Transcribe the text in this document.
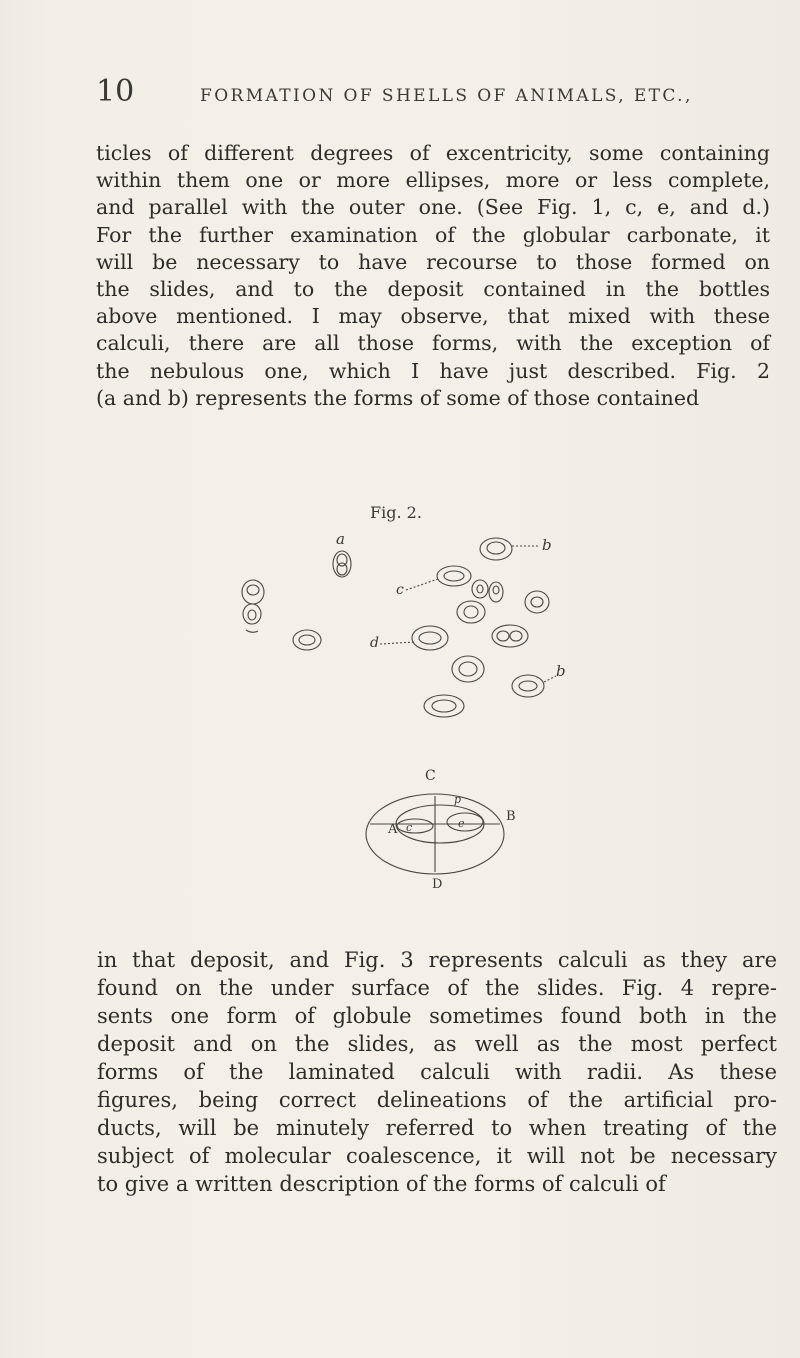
10	FORMATION OF SHELLS OF ANIMALS, ETC.,

ticles of different degrees of excentricity, some containing
within them one or more ellipses, more or less complete,
and parallel with the outer one. (See Fig. 1, c, e, and d.)
For the further examination of the globular carbonate, it
will be necessary to have recourse to those formed on
the slides, and to the deposit contained in the bottles
above mentioned. I may observe, that mixed with these
calculi, there are all those forms, with the exception of
the nebulous one, which I have just described. Fig. 2
(a and b) represents the forms of some of those contained

Fig. 2.
a	b
c
d
b
C
A
B
D
c	e
p

in that deposit, and Fig. 3 represents calculi as they are
found on the under surface of the slides. Fig. 4 repre-
sents one form of globule sometimes found both in the
deposit and on the slides, as well as the most perfect
forms of the laminated calculi with radii. As these
figures, being correct delineations of the artificial pro-
ducts, will be minutely referred to when treating of the
subject of molecular coalescence, it will not be necessary
to give a written description of the forms of calculi of
